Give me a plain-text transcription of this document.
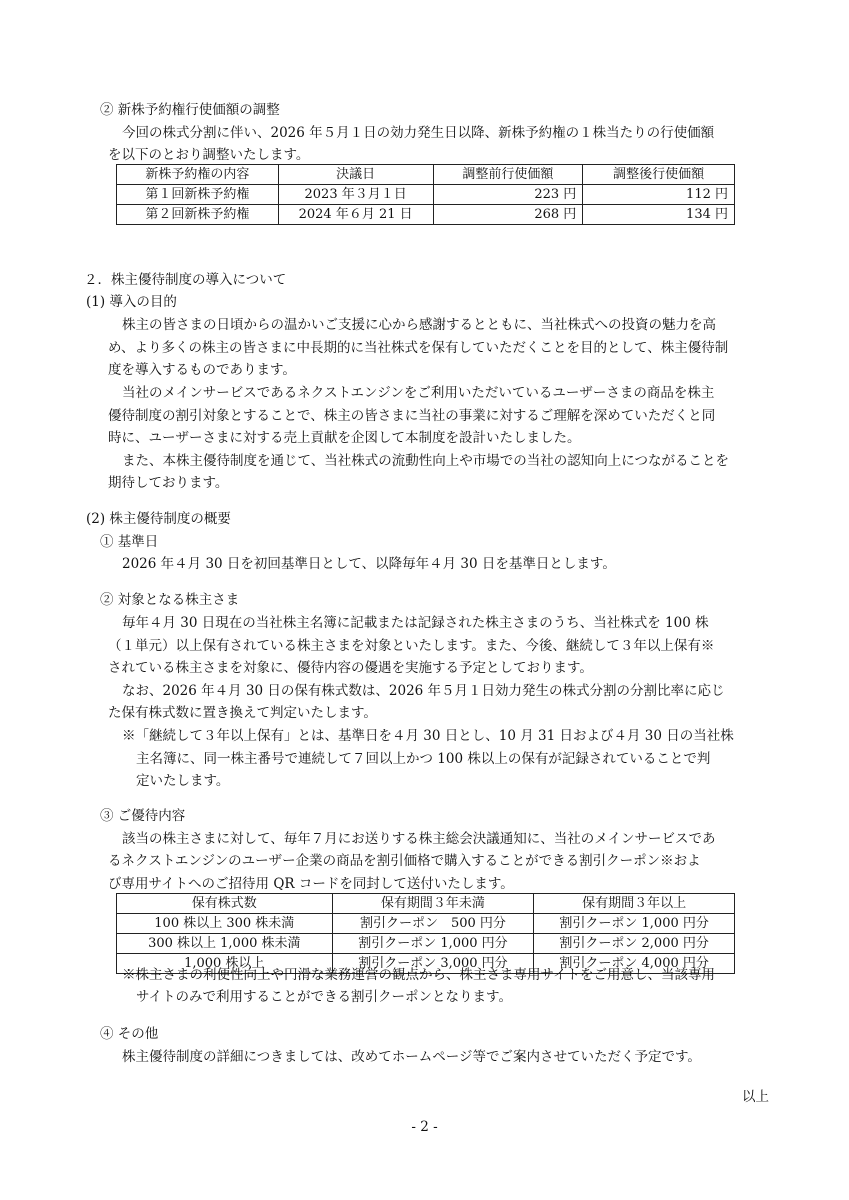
② 新株予約権行使価額の調整
今回の株式分割に伴い、2026 年５月１日の効力発生日以降、新株予約権の１株当たりの行使価額
を以下のとおり調整いたします。
新株予約権の内容	決議日	調整前行使価額	調整後行使価額
第１回新株予約権	2023 年３月１日	223 円	112 円
第２回新株予約権	2024 年６月 21 日	268 円	134 円
２．株主優待制度の導入について
(1) 導入の目的
株主の皆さまの日頃からの温かいご支援に心から感謝するとともに、当社株式への投資の魅力を高
め、より多くの株主の皆さまに中長期的に当社株式を保有していただくことを目的として、株主優待制
度を導入するものであります。
当社のメインサービスであるネクストエンジンをご利用いただいているユーザーさまの商品を株主
優待制度の割引対象とすることで、株主の皆さまに当社の事業に対するご理解を深めていただくと同
時に、ユーザーさまに対する売上貢献を企図して本制度を設計いたしました。
また、本株主優待制度を通じて、当社株式の流動性向上や市場での当社の認知向上につながることを
期待しております。
(2) 株主優待制度の概要
① 基準日
2026 年４月 30 日を初回基準日として、以降毎年４月 30 日を基準日とします。
② 対象となる株主さま
毎年４月 30 日現在の当社株主名簿に記載または記録された株主さまのうち、当社株式を 100 株
（１単元）以上保有されている株主さまを対象といたします。また、今後、継続して３年以上保有※
されている株主さまを対象に、優待内容の優遇を実施する予定としております。
なお、2026 年４月 30 日の保有株式数は、2026 年５月１日効力発生の株式分割の分割比率に応じ
た保有株式数に置き換えて判定いたします。
※「継続して３年以上保有」とは、基準日を４月 30 日とし、10 月 31 日および４月 30 日の当社株
主名簿に、同一株主番号で連続して７回以上かつ 100 株以上の保有が記録されていることで判
定いたします。
③ ご優待内容
該当の株主さまに対して、毎年７月にお送りする株主総会決議通知に、当社のメインサービスであ
るネクストエンジンのユーザー企業の商品を割引価格で購入することができる割引クーポン※およ
び専用サイトへのご招待用 QR コードを同封して送付いたします。
保有株式数	保有期間３年未満	保有期間３年以上
100 株以上 300 株未満	割引クーポン　500 円分	割引クーポン 1,000 円分
300 株以上 1,000 株未満	割引クーポン 1,000 円分	割引クーポン 2,000 円分
1,000 株以上	割引クーポン 3,000 円分	割引クーポン 4,000 円分
※株主さまの利便性向上や円滑な業務運営の観点から、株主さま専用サイトをご用意し、当該専用
サイトのみで利用することができる割引クーポンとなります。
④ その他
株主優待制度の詳細につきましては、改めてホームページ等でご案内させていただく予定です。
以上
- 2 -
